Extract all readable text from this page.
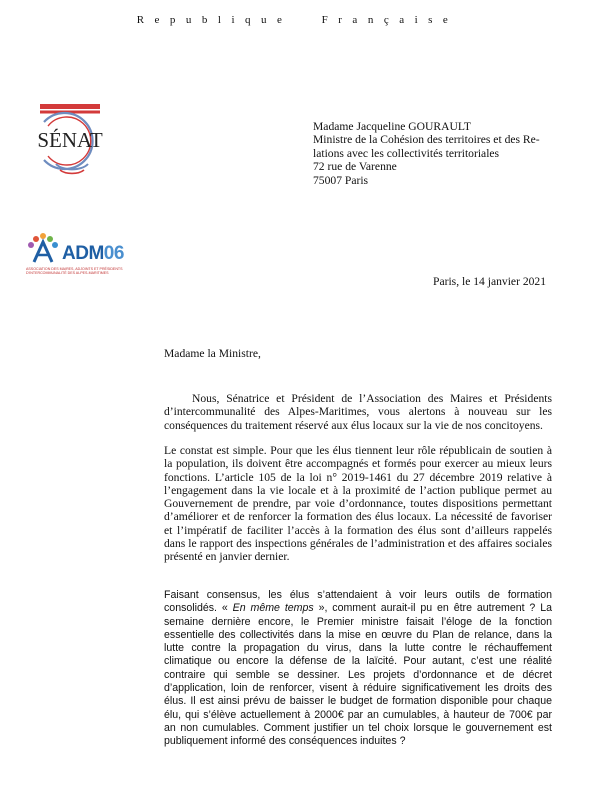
Republique Française
SÉNAT
ADM06
ASSOCIATION DES MAIRES, ADJOINTS ET PRÉSIDENTS D'INTERCOMMUNALITÉ DES ALPES-MARITIMES
Madame Jacqueline GOURAULT
Ministre de la Cohésion des territoires et des Re-
lations avec les collectivités territoriales
72 rue de Varenne
75007 Paris
Paris, le 14 janvier 2021
Madame la Ministre,
Nous, Sénatrice et Président de l’Association des Maires et Présidents d’intercommunalité des Alpes-Maritimes, vous alertons à nouveau sur les conséquences du traitement réservé aux élus locaux sur la vie de nos concitoyens.
Le constat est simple. Pour que les élus tiennent leur rôle républicain de soutien à la population, ils doivent être accompagnés et formés pour exercer au mieux leurs fonctions. L’article 105 de la loi n° 2019-1461 du 27 décembre 2019 relative à l’engagement dans la vie locale et à la proximité de l’action publique permet au Gouvernement de prendre, par voie d’ordonnance, toutes dispositions permettant d’améliorer et de renforcer la formation des élus locaux. La nécessité de favoriser et l’impératif de faciliter l’accès à la formation des élus sont d’ailleurs rappelés dans le rapport des inspections générales de l’administration et des affaires sociales présenté en janvier dernier.
Faisant consensus, les élus s’attendaient à voir leurs outils de formation consolidés. « En même temps », comment aurait-il pu en être autrement ? La semaine dernière encore, le Premier ministre faisait l’éloge de la fonction essentielle des collectivités dans la mise en œuvre du Plan de relance, dans la lutte contre la propagation du virus, dans la lutte contre le réchauffement climatique ou encore la défense de la laïcité. Pour autant, c’est une réalité contraire qui semble se dessiner. Les projets d’ordonnance et de décret d’application, loin de renforcer, visent à réduire significativement les droits des élus. Il est ainsi prévu de baisser le budget de formation disponible pour chaque élu, qui s’élève actuellement à 2000€ par an cumulables, à hauteur de 700€ par an non cumulables. Comment justifier un tel choix lorsque le gouvernement est publiquement informé des conséquences induites ?
